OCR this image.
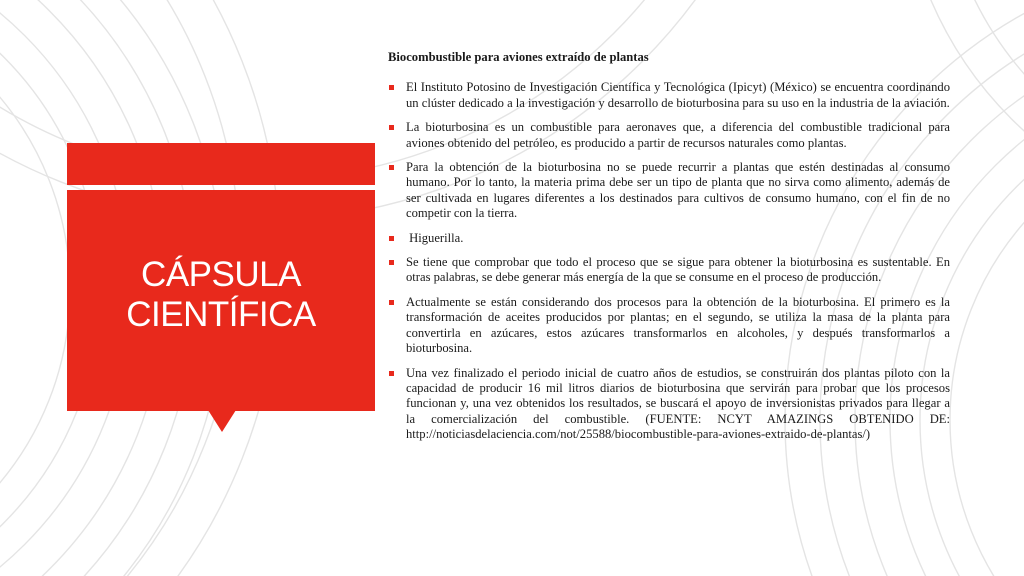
CÁPSULA
CIENTÍFICA
Biocombustible para aviones extraído de plantas
El Instituto Potosino de Investigación Científica y Tecnológica (Ipicyt) (México) se encuentra coordinando un clúster dedicado a la investigación y desarrollo de bioturbosina para su uso en la industria de la aviación.
La bioturbosina es un combustible para aeronaves que, a diferencia del combustible tradicional para aviones obtenido del petróleo, es producido a partir de recursos naturales como plantas.
Para la obtención de la bioturbosina no se puede recurrir a plantas que estén destinadas al consumo humano. Por lo tanto, la materia prima debe ser un tipo de planta que no sirva como alimento, además de ser cultivada en lugares diferentes a los destinados para cultivos de consumo humano, con el fin de no competir con la tierra.
Higuerilla.
Se tiene que comprobar que todo el proceso que se sigue para obtener la bioturbosina es sustentable. En otras palabras, se debe generar más energía de la que se consume en el proceso de producción.
Actualmente se están considerando dos procesos para la obtención de la bioturbosina. El primero es la transformación de aceites producidos por plantas; en el segundo, se utiliza la masa de la planta para convertirla en azúcares, estos azúcares transformarlos en alcoholes, y después transformarlos a bioturbosina.
Una vez finalizado el periodo inicial de cuatro años de estudios, se construirán dos plantas piloto con la capacidad de producir 16 mil litros diarios de bioturbosina que servirán para probar que los procesos funcionan y, una vez obtenidos los resultados, se buscará el apoyo de inversionistas privados para llegar a la comercialización del combustible. (FUENTE: NCYT AMAZINGS OBTENIDO DE:
http://noticiasdelaciencia.com/not/25588/biocombustible-para-aviones-extraido-de-plantas/)
